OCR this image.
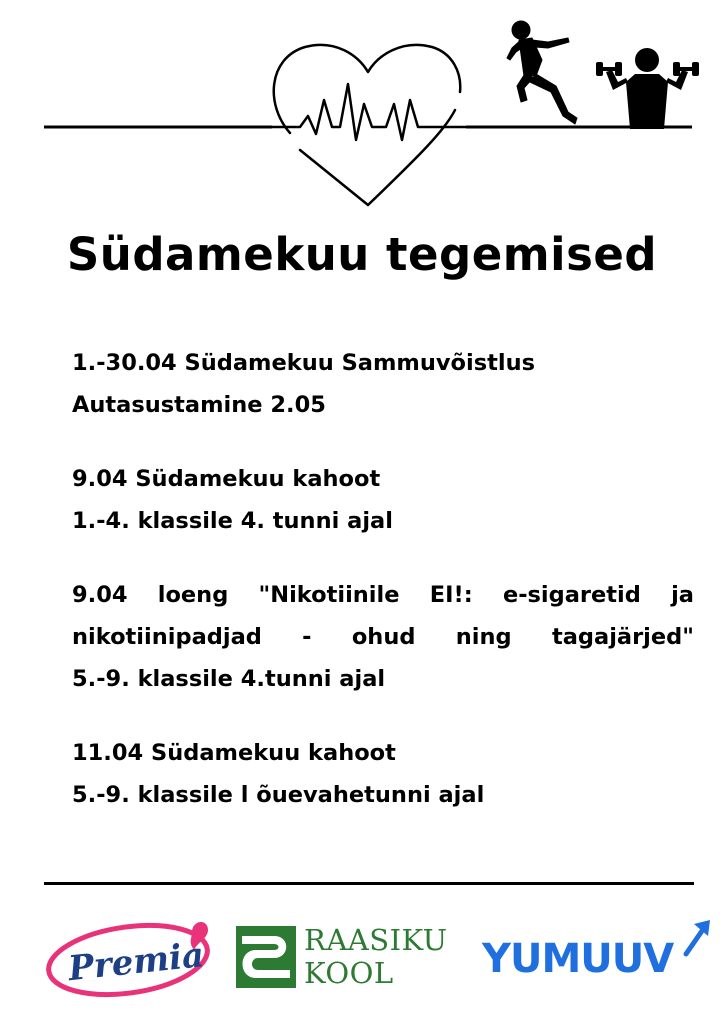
Südamekuu tegemised

1.-30.04 Südamekuu Sammuvõistlus

Autasustamine 2.05

9.04 Südamekuu kahoot

1.-4. klassile 4. tunni ajal

9.04 loeng "Nikotiinile EI!: e-sigaretid ja nikotiinipadjad - ohud ning tagajärjed"

5.-9. klassile 4.tunni ajal

11.04 Südamekuu kahoot

5.-9. klassile l õuevahetunni ajal

Premia	RAASIKU
KOOL	YUMUUV
